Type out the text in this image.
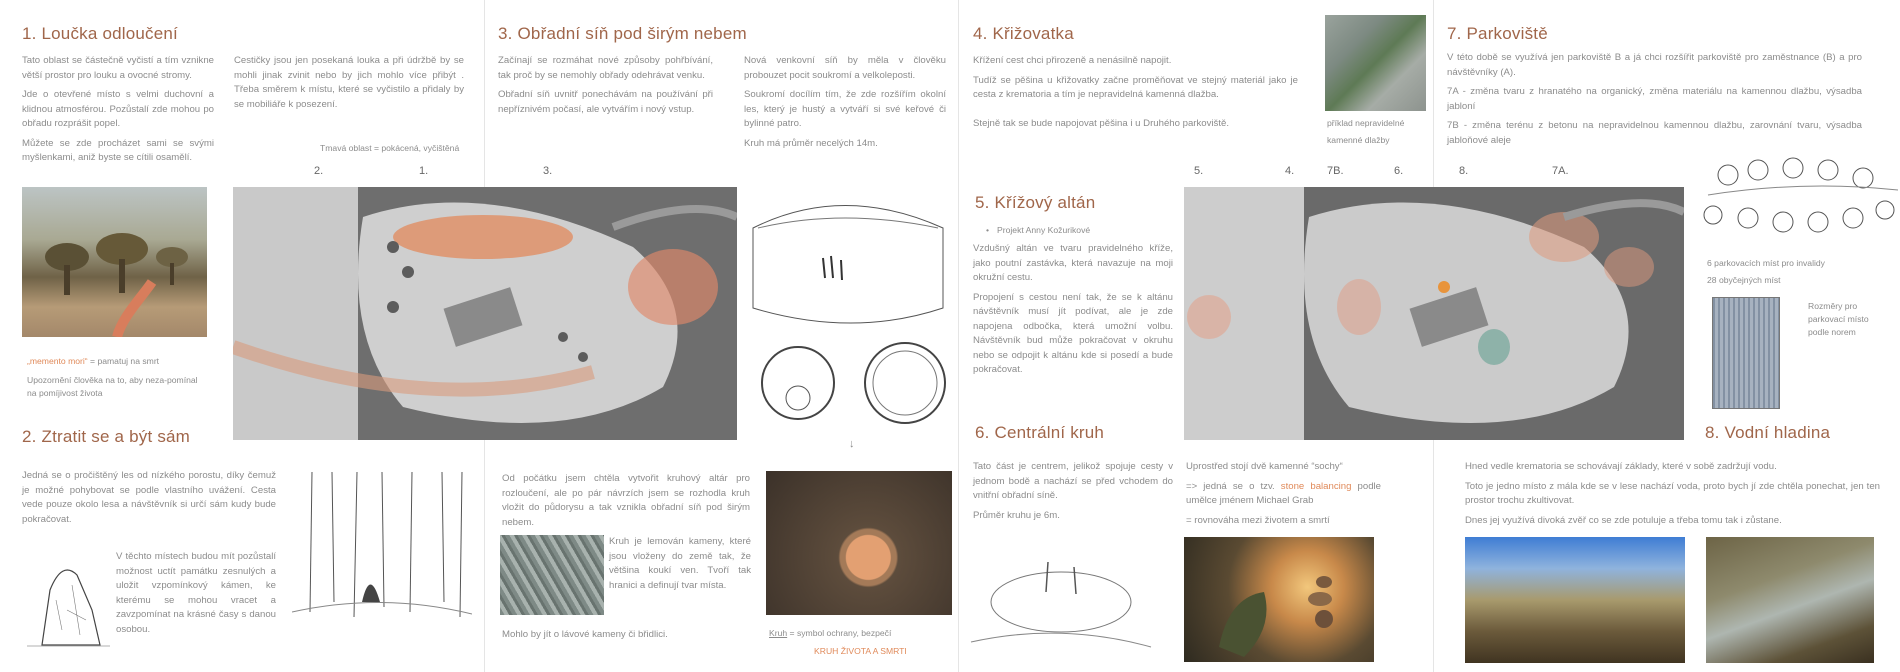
1. Loučka odloučení

Tato oblast se částečně vyčistí a tím vznikne větší prostor pro louku a ovocné stromy.

Jde o otevřené místo s velmi duchovní a klidnou atmosférou. Pozůstalí zde mohou po obřadu rozprášit popel.

Můžete se zde procházet sami se svými myšlenkami, aniž byste se cítili osamělí.

Cestičky jsou jen posekaná louka a při údržbě by se mohli jinak zvinit nebo by jich mohlo více přibýt . Třeba směrem k místu, které se vyčistilo a přidaly by se mobiliáře k posezení.
„memento mori“ = pamatuj na smrt
Upozornění člověka na to, aby neza-pomínal na pomíjivost života
2. Ztratit se a být sám
Jedná se o pročištěný les od nízkého porostu, díky čemuž je možné pohybovat se podle vlastního uvážení. Cesta vede pouze okolo lesa a návštěvník si určí sám kudy bude pokračovat.
V těchto místech budou mít pozůstalí možnost uctít památku zesnulých a uložit vzpomínkový kámen, ke kterému se mohou vracet a zavzpomínat na krásné časy s danou osobou.
Tmavá oblast = pokácená, vyčištěná
2.	1.	3.
3. Obřadní síň pod širým nebem

Začínají se rozmáhat nové způsoby pohřbívání, tak proč by se nemohly obřady odehrávat venku.

Obřadní síň uvnitř ponechávám na používání při nepříznivém počasí, ale vytvářím i nový vstup.

Nová venkovní síň by měla v člověku probouzet pocit soukromí a velkoleposti.

Soukromí docílím tím, že zde rozšířím okolní les, který je hustý a vytváří si své keřové či bylinné patro.

Kruh má průměr necelých 14m.

↓
Od počátku jsem chtěla vytvořit kruhový altár pro rozloučení, ale po pár návrzích jsem se rozhodla kruh vložit do půdorysu a tak vznikla obřadní síň pod širým nebem.
Kruh je lemován kameny, které jsou vloženy do země tak, že většina koukí ven. Tvoří tak hranici a definují tvar místa.
Mohlo by jít o lávové kameny či břidlici.	Kruh = symbol ochrany, bezpečí
KRUH ŽIVOTA A SMRTI
4. Křižovatka

Křížení cest chci přirozeně a nenásilně napojit.

Tudíž se pěšina u křižovatky začne proměňovat ve stejný materiál jako je cesta z krematoria a tím je nepravidelná kamenná dlažba.

Stejně tak se bude napojovat pěšina i u Druhého parkoviště.	příklad nepravidelné kamenné dlažby
5. Křížový altán
• Projekt Anny Kožurikové

Vzdušný altán ve tvaru pravidelného kříže, jako poutní zastávka, která navazuje na moji okružní cestu.

Propojení s cestou není tak, že se k altánu návštěvník musí jít podívat, ale je zde napojena odbočka, která umožní volbu. Návštěvník bud může pokračovat v okruhu nebo se odpojit k altánu kde si posedí a bude pokračovat.

6. Centrální kruh

Tato část je centrem, jelikož spojuje cesty v jednom bodě a nachází se před vchodem do vnitřní obřadní síně.

Průměr kruhu je 6m.

Uprostřed stojí dvě kamenné “sochy“

=> jedná se o tzv. stone balancing podle umělce jménem Michael Grab

= rovnováha mezi životem a smrtí

5.	4.	7B.	6.	8.	7A.
7. Parkoviště

V této době se využívá jen parkoviště B a já chci rozšířit parkoviště pro zaměstnance (B) a pro návštěvníky (A).

7A - změna tvaru z hranatého na organický, změna materiálu na kamennou dlažbu, výsadba jabloní

7B - změna terénu z betonu na nepravidelnou kamennou dlažbu, zarovnání tvaru, výsadba jabloňové aleje

6 parkovacích míst pro invalidy
28 obyčejných míst
Rozměry pro parkovací místo podle norem
8. Vodní hladina

Hned vedle krematoria se schovávají základy, které v sobě zadržují vodu.

Toto je jedno místo z mála kde se v lese nachází voda, proto bych jí zde chtěla ponechat, jen ten prostor trochu zkultivovat.

Dnes jej využívá divoká zvěř co se zde potuluje a třeba tomu tak i zůstane.
